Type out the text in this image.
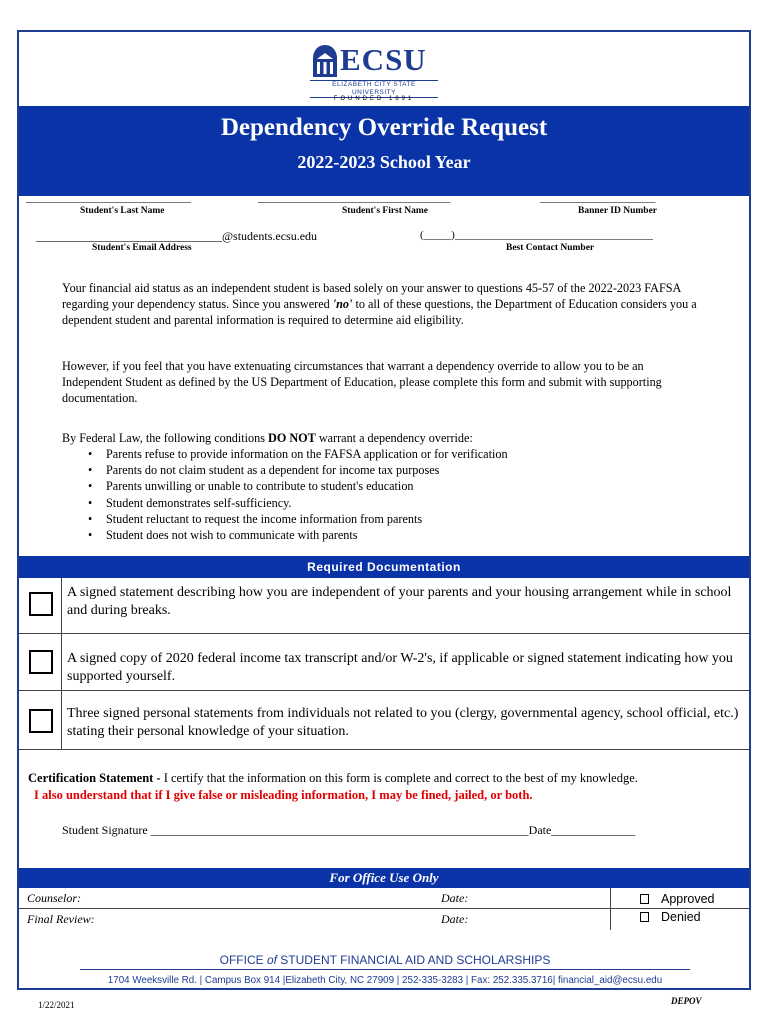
ECSU
ELIZABETH CITY STATE UNIVERSITY
FOUNDED 1891
Dependency Override Request
2022-2023 School Year
______________________________
Student's Last Name
___________________________________
Student's First Name
_____________________
Banner ID Number
_______________________________@students.ecsu.edu
Student's Email Address
(_____)____________________________________
Best Contact Number
Your financial aid status as an independent student is based solely on your answer to questions 45-57 of the 2022-2023 FAFSA regarding your dependency status. Since you answered 'no' to all of these questions, the Department of Education considers you a dependent student and parental information is required to determine aid eligibility.
However, if you feel that you have extenuating circumstances that warrant a dependency override to allow you to be an Independent Student as defined by the US Department of Education, please complete this form and submit with supporting documentation.
By Federal Law, the following conditions DO NOT warrant a dependency override:
• Parents refuse to provide information on the FAFSA application or for verification
• Parents do not claim student as a dependent for income tax purposes
• Parents unwilling or unable to contribute to student's education
• Student demonstrates self-sufficiency.
• Student reluctant to request the income information from parents
• Student does not wish to communicate with parents
Required Documentation
A signed statement describing how you are independent of your parents and your housing arrangement while in school and during breaks.
A signed copy of 2020 federal income tax transcript and/or W-2's, if applicable or signed statement indicating how you supported yourself.
Three signed personal statements from individuals not related to you (clergy, governmental agency, school official, etc.) stating their personal knowledge of your situation.
Certification Statement - I certify that the information on this form is complete and correct to the best of my knowledge.
I also understand that if I give false or misleading information, I may be fined, jailed, or both.
Student Signature _______________________________________________________________Date______________
For Office Use Only
Counselor:	Date:
Final Review:	Date:
Approved
Denied
OFFICE of STUDENT FINANCIAL AID AND SCHOLARSHIPS
1704 Weeksville Rd. | Campus Box 914 |Elizabeth City, NC 27909 | 252-335-3283 | Fax: 252.335.3716| financial_aid@ecsu.edu
1/22/2021	DEPOV
